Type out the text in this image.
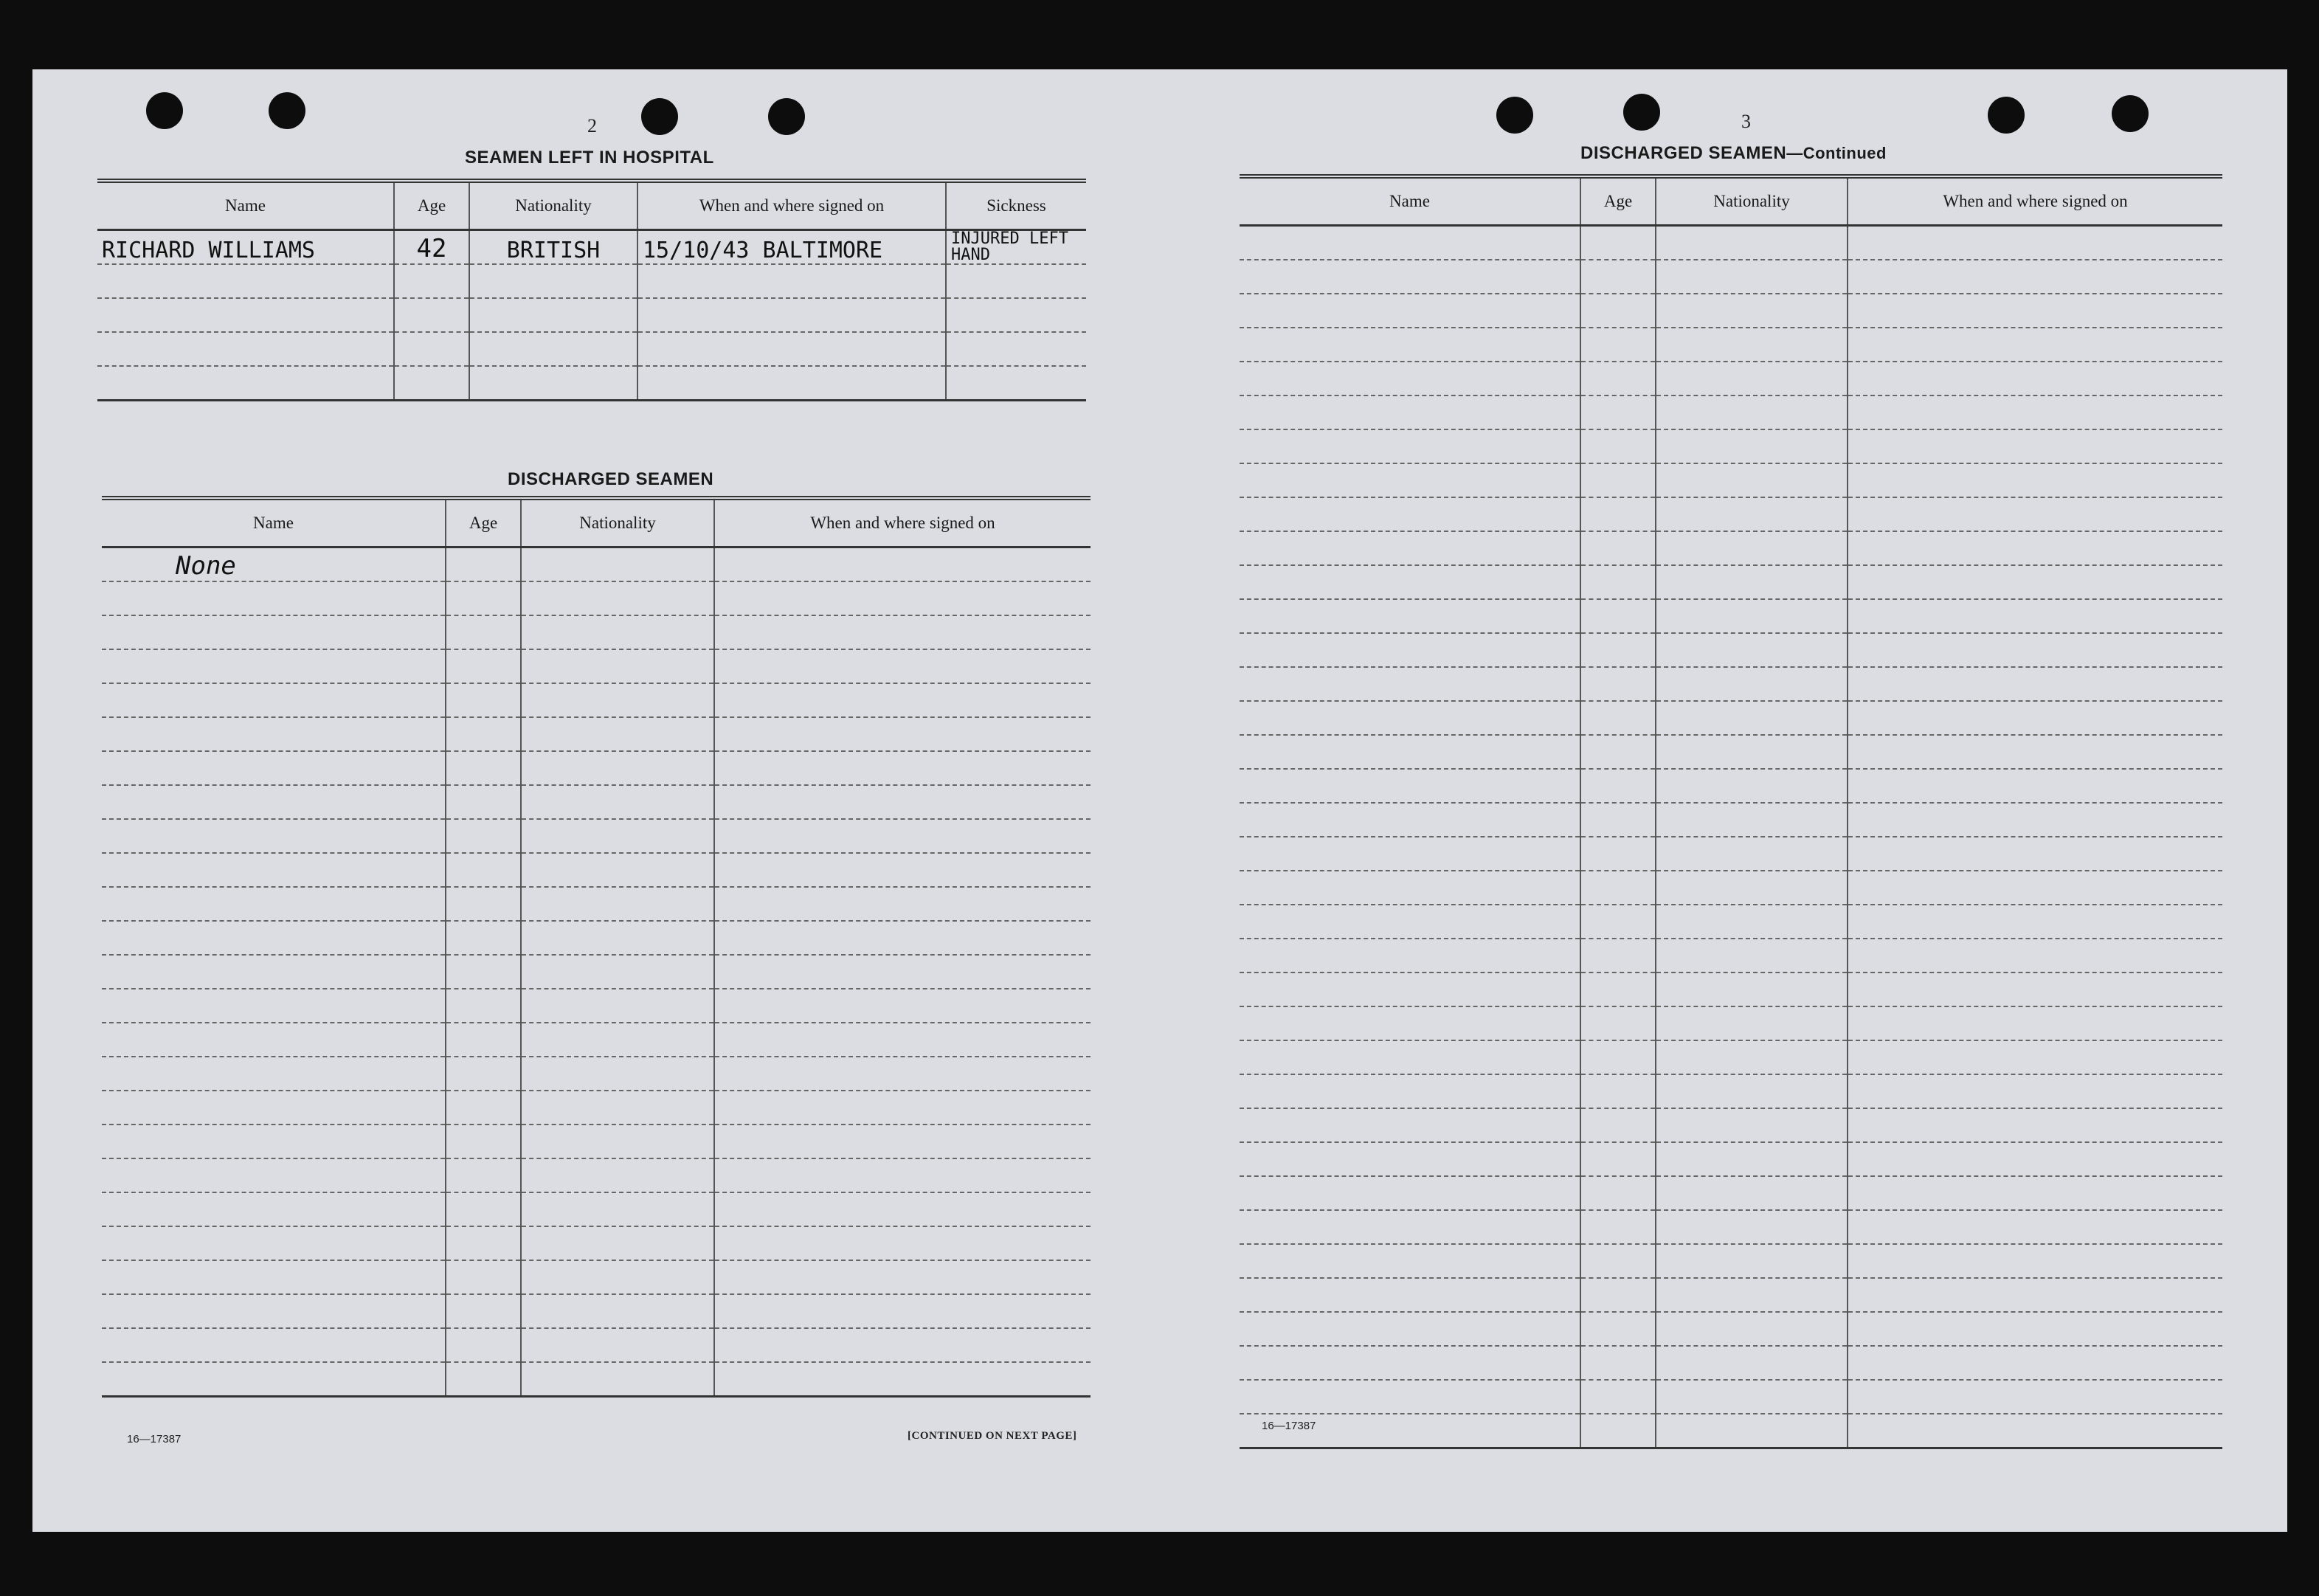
2
SEAMEN LEFT IN HOSPITAL
Name	Age	Nationality	When and where signed on	Sickness
RICHARD WILLIAMS	42	BRITISH	15/10/43 BALTIMORE	INJURED LEFT HAND

DISCHARGED SEAMEN
Name	Age	Nationality	When and where signed on
None			

16—17387	[CONTINUED ON NEXT PAGE]
3
DISCHARGED SEAMEN—Continued
Name	Age	Nationality	When and where signed on

16—17387
